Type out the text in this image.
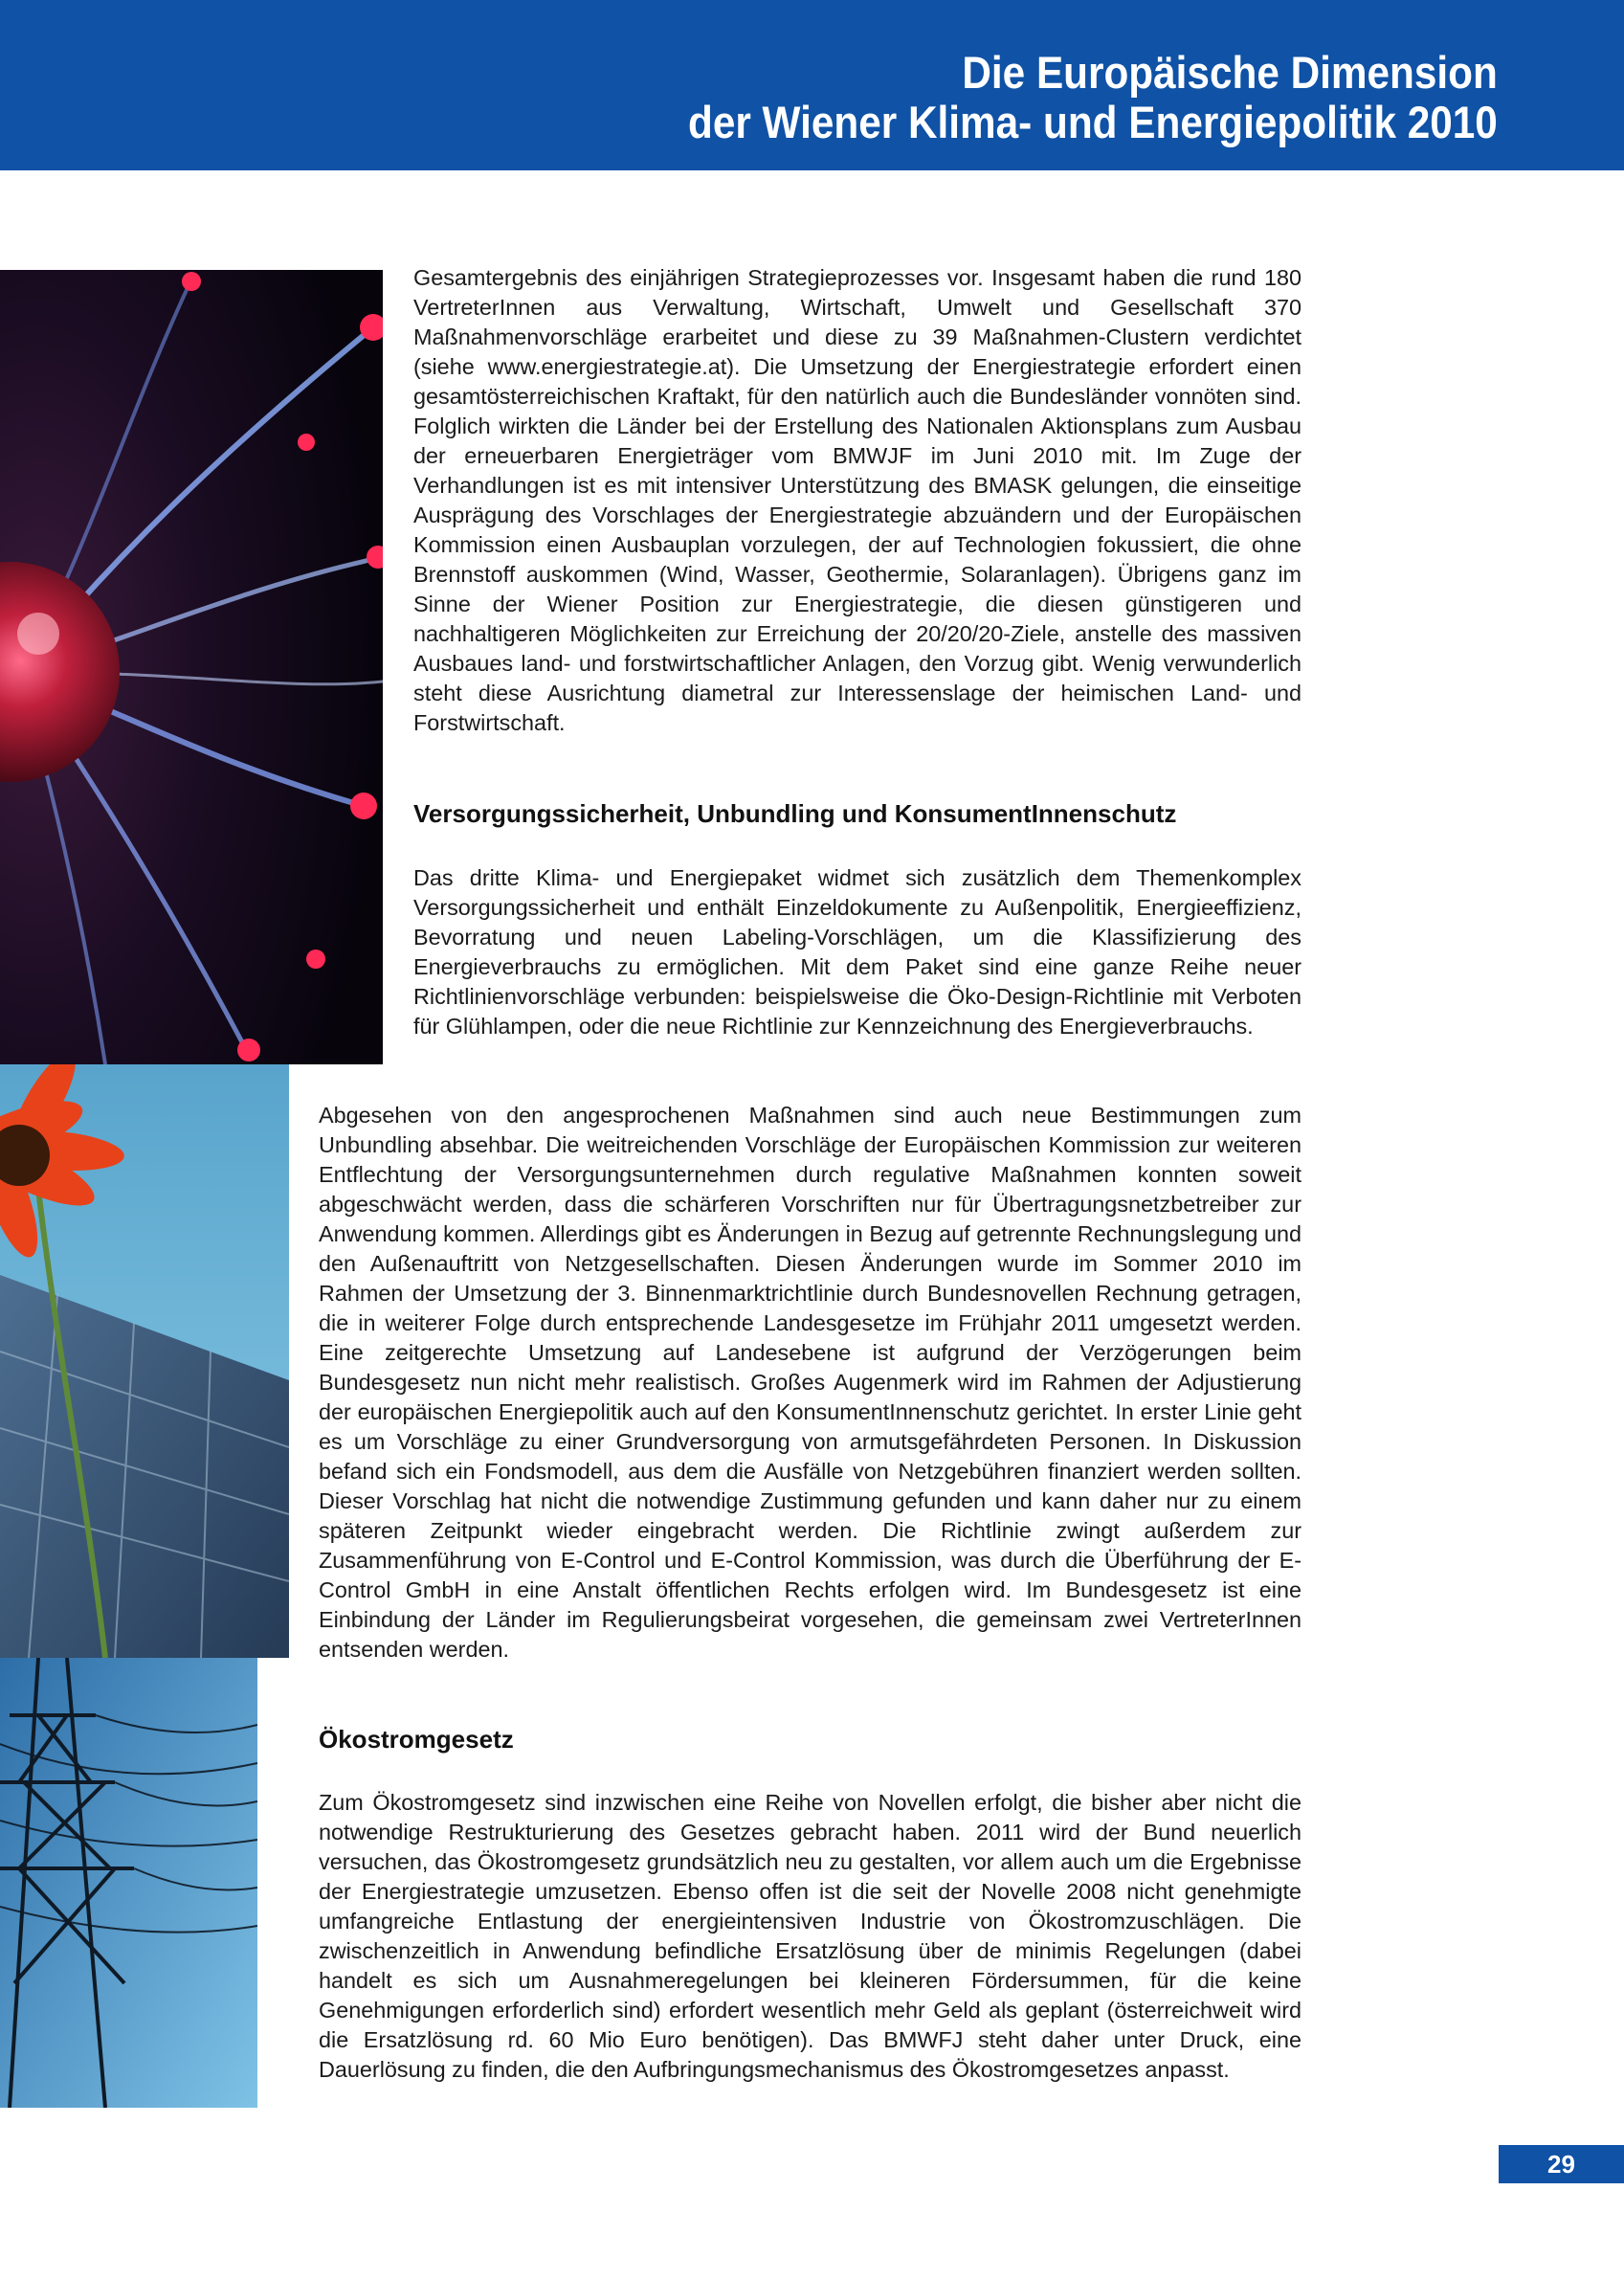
Die Europäische Dimension
der Wiener Klima- und Energiepolitik 2010

Gesamtergebnis des einjährigen Strategieprozesses vor. Insgesamt haben die rund 180 VertreterInnen aus Verwaltung, Wirtschaft, Umwelt und Gesellschaft 370 Maßnahmenvorschläge erarbeitet und diese zu 39 Maßnahmen-Clustern verdichtet (siehe www.energiestrategie.at). Die Umsetzung der Energiestrategie erfordert einen gesamtösterreichischen Kraftakt, für den natürlich auch die Bundesländer vonnöten sind. Folglich wirkten die Länder bei der Erstellung des Nationalen Aktionsplans zum Ausbau der erneuerbaren Energieträger vom BMWJF im Juni 2010 mit. Im Zuge der Verhandlungen ist es mit intensiver Unterstützung des BMASK gelungen, die einseitige Ausprägung des Vorschlages der Energiestrategie abzuändern und der Europäischen Kommission einen Ausbauplan vorzulegen, der auf Technologien fokussiert, die ohne Brennstoff auskommen (Wind, Wasser, Geothermie, Solaranlagen). Übrigens ganz im Sinne der Wiener Position zur Energiestrategie, die diesen günstigeren und nachhaltigeren Möglichkeiten zur Erreichung der 20/20/20-Ziele, anstelle des massiven Ausbaues land- und forstwirtschaftlicher Anlagen, den Vorzug gibt. Wenig verwunderlich steht diese Ausrichtung diametral zur Interessenslage der heimischen Land- und Forstwirtschaft.

Versorgungssicherheit, Unbundling und KonsumentInnenschutz

Das dritte Klima- und Energiepaket widmet sich zusätzlich dem Themenkomplex Versorgungssicherheit und enthält Einzeldokumente zu Außenpolitik, Energieeffizienz, Bevorratung und neuen Labeling-Vorschlägen, um die Klassifizierung des Energieverbrauchs zu ermöglichen. Mit dem Paket sind eine ganze Reihe neuer Richtlinienvorschläge verbunden: beispielsweise die Öko-Design-Richtlinie mit Verboten für Glühlampen, oder die neue Richtlinie zur Kennzeichnung des Energieverbrauchs.

Abgesehen von den angesprochenen Maßnahmen sind auch neue Bestimmungen zum Unbundling absehbar. Die weitreichenden Vorschläge der Europäischen Kommission zur weiteren Entflechtung der Versorgungsunternehmen durch regulative Maßnahmen konnten soweit abgeschwächt werden, dass die schärferen Vorschriften nur für Übertragungsnetzbetreiber zur Anwendung kommen. Allerdings gibt es Änderungen in Bezug auf getrennte Rechnungslegung und den Außenauftritt von Netzgesellschaften. Diesen Änderungen wurde im Sommer 2010 im Rahmen der Umsetzung der 3. Binnenmarktrichtlinie durch Bundesnovellen Rechnung getragen, die in weiterer Folge durch entsprechende Landesgesetze im Frühjahr 2011 umgesetzt werden. Eine zeitgerechte Umsetzung auf Landesebene ist aufgrund der Verzögerungen beim Bundesgesetz nun nicht mehr realistisch. Großes Augenmerk wird im Rahmen der Adjustierung der europäischen Energiepolitik auch auf den KonsumentInnenschutz gerichtet. In erster Linie geht es um Vorschläge zu einer Grundversorgung von armutsgefährdeten Personen. In Diskussion befand sich ein Fondsmodell, aus dem die Ausfälle von Netzgebühren finanziert werden sollten. Dieser Vorschlag hat nicht die notwendige Zustimmung gefunden und kann daher nur zu einem späteren Zeitpunkt wieder eingebracht werden. Die Richtlinie zwingt außerdem zur Zusammenführung von E-Control und E-Control Kommission, was durch die Überführung der E-Control GmbH in eine Anstalt öffentlichen Rechts erfolgen wird. Im Bundesgesetz ist eine Einbindung der Länder im Regulierungsbeirat vorgesehen, die gemeinsam zwei VertreterInnen entsenden werden.

Ökostromgesetz

Zum Ökostromgesetz sind inzwischen eine Reihe von Novellen erfolgt, die bisher aber nicht die notwendige Restrukturierung des Gesetzes gebracht haben. 2011 wird der Bund neuerlich versuchen, das Ökostromgesetz grundsätzlich neu zu gestalten, vor allem auch um die Ergebnisse der Energiestrategie umzusetzen. Ebenso offen ist die seit der Novelle 2008 nicht genehmigte umfangreiche Entlastung der energieintensiven Industrie von Ökostromzuschlägen. Die zwischenzeitlich in Anwendung befindliche Ersatzlösung über de minimis Regelungen (dabei handelt es sich um Ausnahmeregelungen bei kleineren Fördersummen, für die keine Genehmigungen erforderlich sind) erfordert wesentlich mehr Geld als geplant (österreichweit wird die Ersatzlösung rd. 60 Mio Euro benötigen). Das BMWFJ steht daher unter Druck, eine Dauerlösung zu finden, die den Aufbringungsmechanismus des Ökostromgesetzes anpasst.

29
